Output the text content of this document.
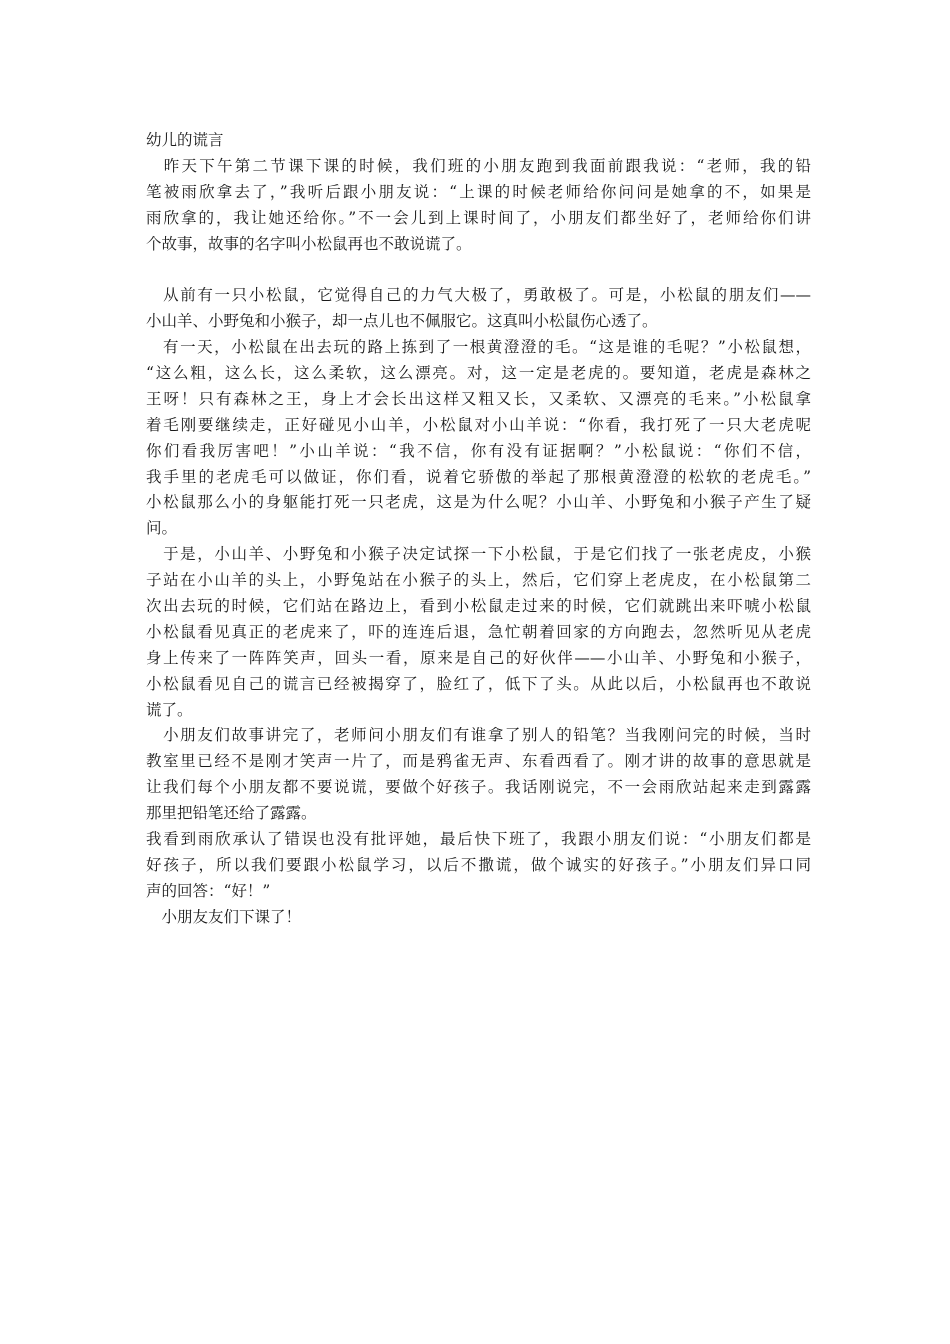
幼儿的谎言
　昨天下午第二节课下课的时候，我们班的小朋友跑到我面前跟我说：“老师，我的铅
笔被雨欣拿去了，”我听后跟小朋友说：“上课的时候老师给你问问是她拿的不，如果是
雨欣拿的，我让她还给你。”不一会儿到上课时间了，小朋友们都坐好了，老师给你们讲
个故事，故事的名字叫小松鼠再也不敢说谎了。
　从前有一只小松鼠，它觉得自己的力气大极了，勇敢极了。可是，小松鼠的朋友们——
小山羊、小野兔和小猴子，却一点儿也不佩服它。这真叫小松鼠伤心透了。
　有一天，小松鼠在出去玩的路上拣到了一根黄澄澄的毛。“这是谁的毛呢？”小松鼠想，
“这么粗，这么长，这么柔软，这么漂亮。对，这一定是老虎的。要知道，老虎是森林之
王呀！只有森林之王，身上才会长出这样又粗又长，又柔软、又漂亮的毛来。”小松鼠拿
着毛刚要继续走，正好碰见小山羊，小松鼠对小山羊说：“你看，我打死了一只大老虎呢
你们看我厉害吧！”小山羊说：“我不信，你有没有证据啊？”小松鼠说：“你们不信，
我手里的老虎毛可以做证，你们看，说着它骄傲的举起了那根黄澄澄的松软的老虎毛。”
小松鼠那么小的身躯能打死一只老虎，这是为什么呢？小山羊、小野兔和小猴子产生了疑
问。
　于是，小山羊、小野兔和小猴子决定试探一下小松鼠，于是它们找了一张老虎皮，小猴
子站在小山羊的头上，小野兔站在小猴子的头上，然后，它们穿上老虎皮，在小松鼠第二
次出去玩的时候，它们站在路边上，看到小松鼠走过来的时候，它们就跳出来吓唬小松鼠
小松鼠看见真正的老虎来了，吓的连连后退，急忙朝着回家的方向跑去，忽然听见从老虎
身上传来了一阵阵笑声，回头一看，原来是自己的好伙伴——小山羊、小野兔和小猴子，
小松鼠看见自己的谎言已经被揭穿了，脸红了，低下了头。从此以后，小松鼠再也不敢说
谎了。
　小朋友们故事讲完了，老师问小朋友们有谁拿了别人的铅笔？当我刚问完的时候，当时
教室里已经不是刚才笑声一片了，而是鸦雀无声、东看西看了。刚才讲的故事的意思就是
让我们每个小朋友都不要说谎，要做个好孩子。我话刚说完，不一会雨欣站起来走到露露
那里把铅笔还给了露露。
我看到雨欣承认了错误也没有批评她，最后快下班了，我跟小朋友们说：“小朋友们都是
好孩子，所以我们要跟小松鼠学习，以后不撒谎，做个诚实的好孩子。”小朋友们异口同
声的回答：“好！”
　小朋友友们下课了！
